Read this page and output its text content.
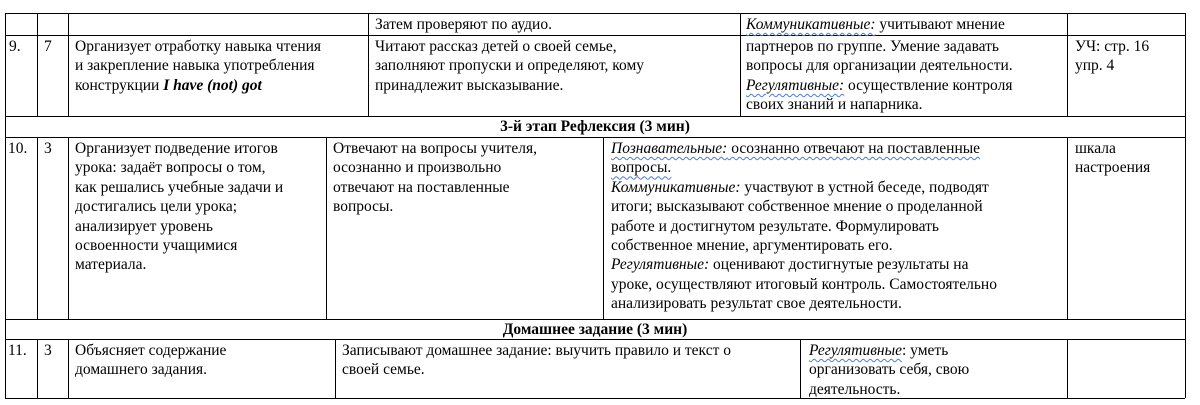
Затем проверяют по аудио.	Коммуникативные: учитывают мнение
9. 7 Организует отработку навыка чтения
и закрепление навыка употребления
конструкции I have (not) got
Читают рассказ детей о своей семье,
заполняют пропуски и определяют, кому
принадлежит высказывание.
партнеров по группе. Умение задавать
вопросы для организации деятельности.
Регулятивные: осуществление контроля
своих знаний и напарника.
УЧ: стр. 16
упр. 4
3-й этап Рефлексия (3 мин)
10. 3 Организует подведение итогов
урока: задаёт вопросы о том,
как решались учебные задачи и
достигались цели урока;
анализирует уровень
освоенности учащимися
материала.
Отвечают на вопросы учителя,
осознанно и произвольно
отвечают на поставленные
вопросы.
Познавательные: осознанно отвечают на поставленные
вопросы.
Коммуникативные: участвуют в устной беседе, подводят
итоги; высказывают собственное мнение о проделанной
работе и достигнутом результате. Формулировать
собственное мнение, аргументировать его.
Регулятивные: оценивают достигнутые результаты на
уроке, осуществляют итоговый контроль. Самостоятельно
анализировать результат свое деятельности.
шкала
настроения
Домашнее задание (3 мин)
11. 3 Объясняет содержание
домашнего задания.
Записывают домашнее задание: выучить правило и текст о
своей семье.
Регулятивные: уметь
организовать себя, свою
деятельность.
